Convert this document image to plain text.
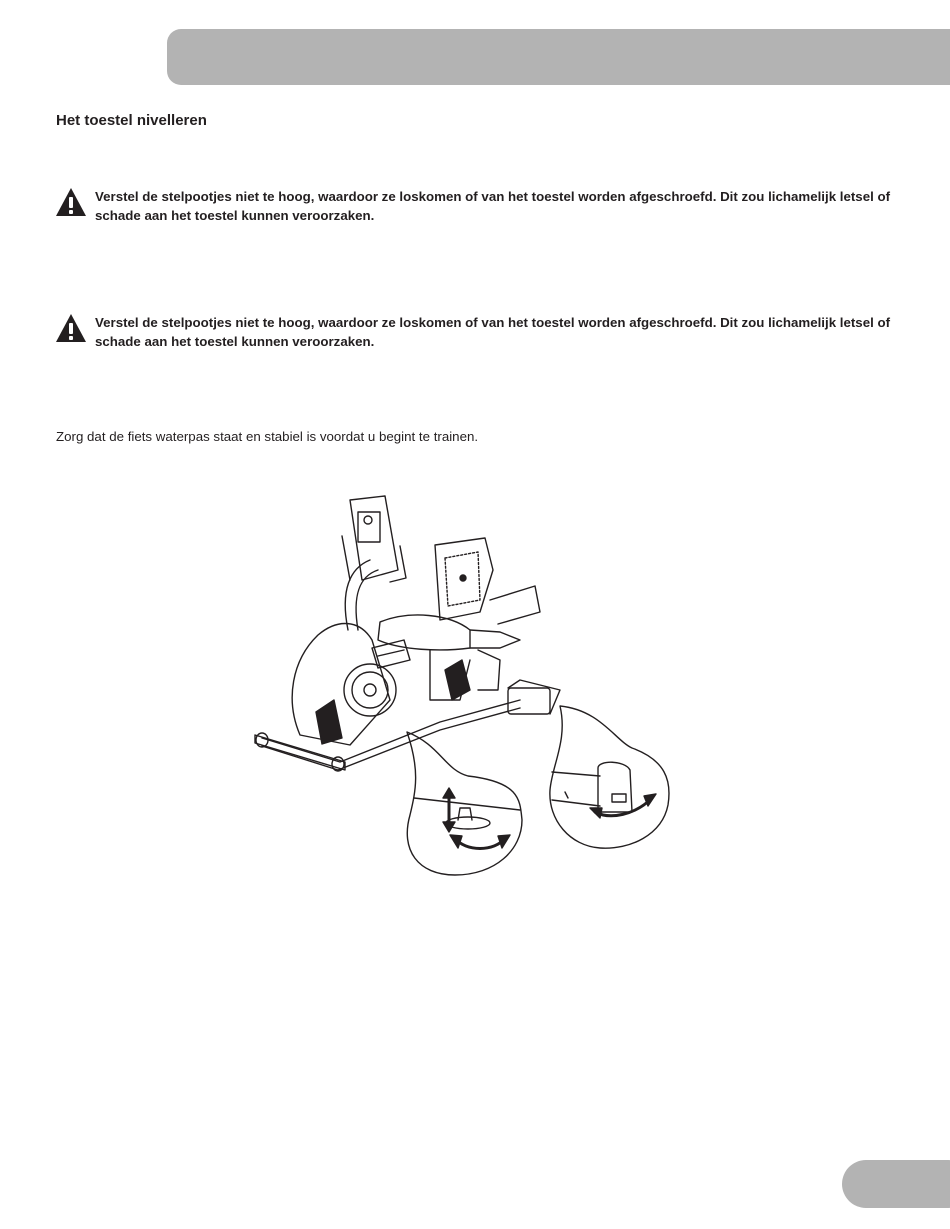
Het toestel nivelleren

Verstel de stelpootjes niet te hoog, waardoor ze loskomen of van het toestel worden afgeschroefd. Dit zou lichamelijk letsel of schade aan het toestel kunnen veroorzaken.

Verstel de stelpootjes niet te hoog, waardoor ze loskomen of van het toestel worden afgeschroefd. Dit zou lichamelijk letsel of schade aan het toestel kunnen veroorzaken.

Zorg dat de fiets waterpas staat en stabiel is voordat u begint te trainen.
